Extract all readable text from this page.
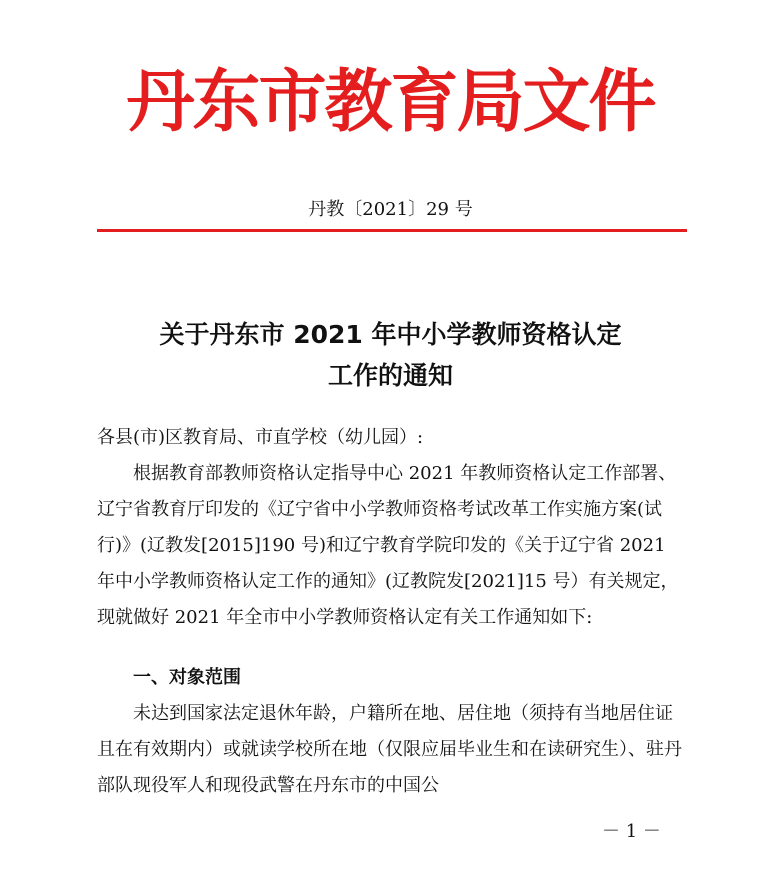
丹东市教育局文件
丹教〔2021〕29 号
关于丹东市 2021 年中小学教师资格认定
工作的通知

各县(市)区教育局、市直学校（幼儿园）:

根据教育部教师资格认定指导中心 2021 年教师资格认定工作部署、辽宁省教育厅印发的《辽宁省中小学教师资格考试改革工作实施方案(试行)》(辽教发[2015]190 号)和辽宁教育学院印发的《关于辽宁省 2021 年中小学教师资格认定工作的通知》(辽教院发[2021]15 号）有关规定，现就做好 2021 年全市中小学教师资格认定有关工作通知如下:

一、对象范围

未达到国家法定退休年龄，户籍所在地、居住地（须持有当地居住证且在有效期内）或就读学校所在地（仅限应届毕业生和在读研究生）、驻丹部队现役军人和现役武警在丹东市的中国公

－ 1 －
